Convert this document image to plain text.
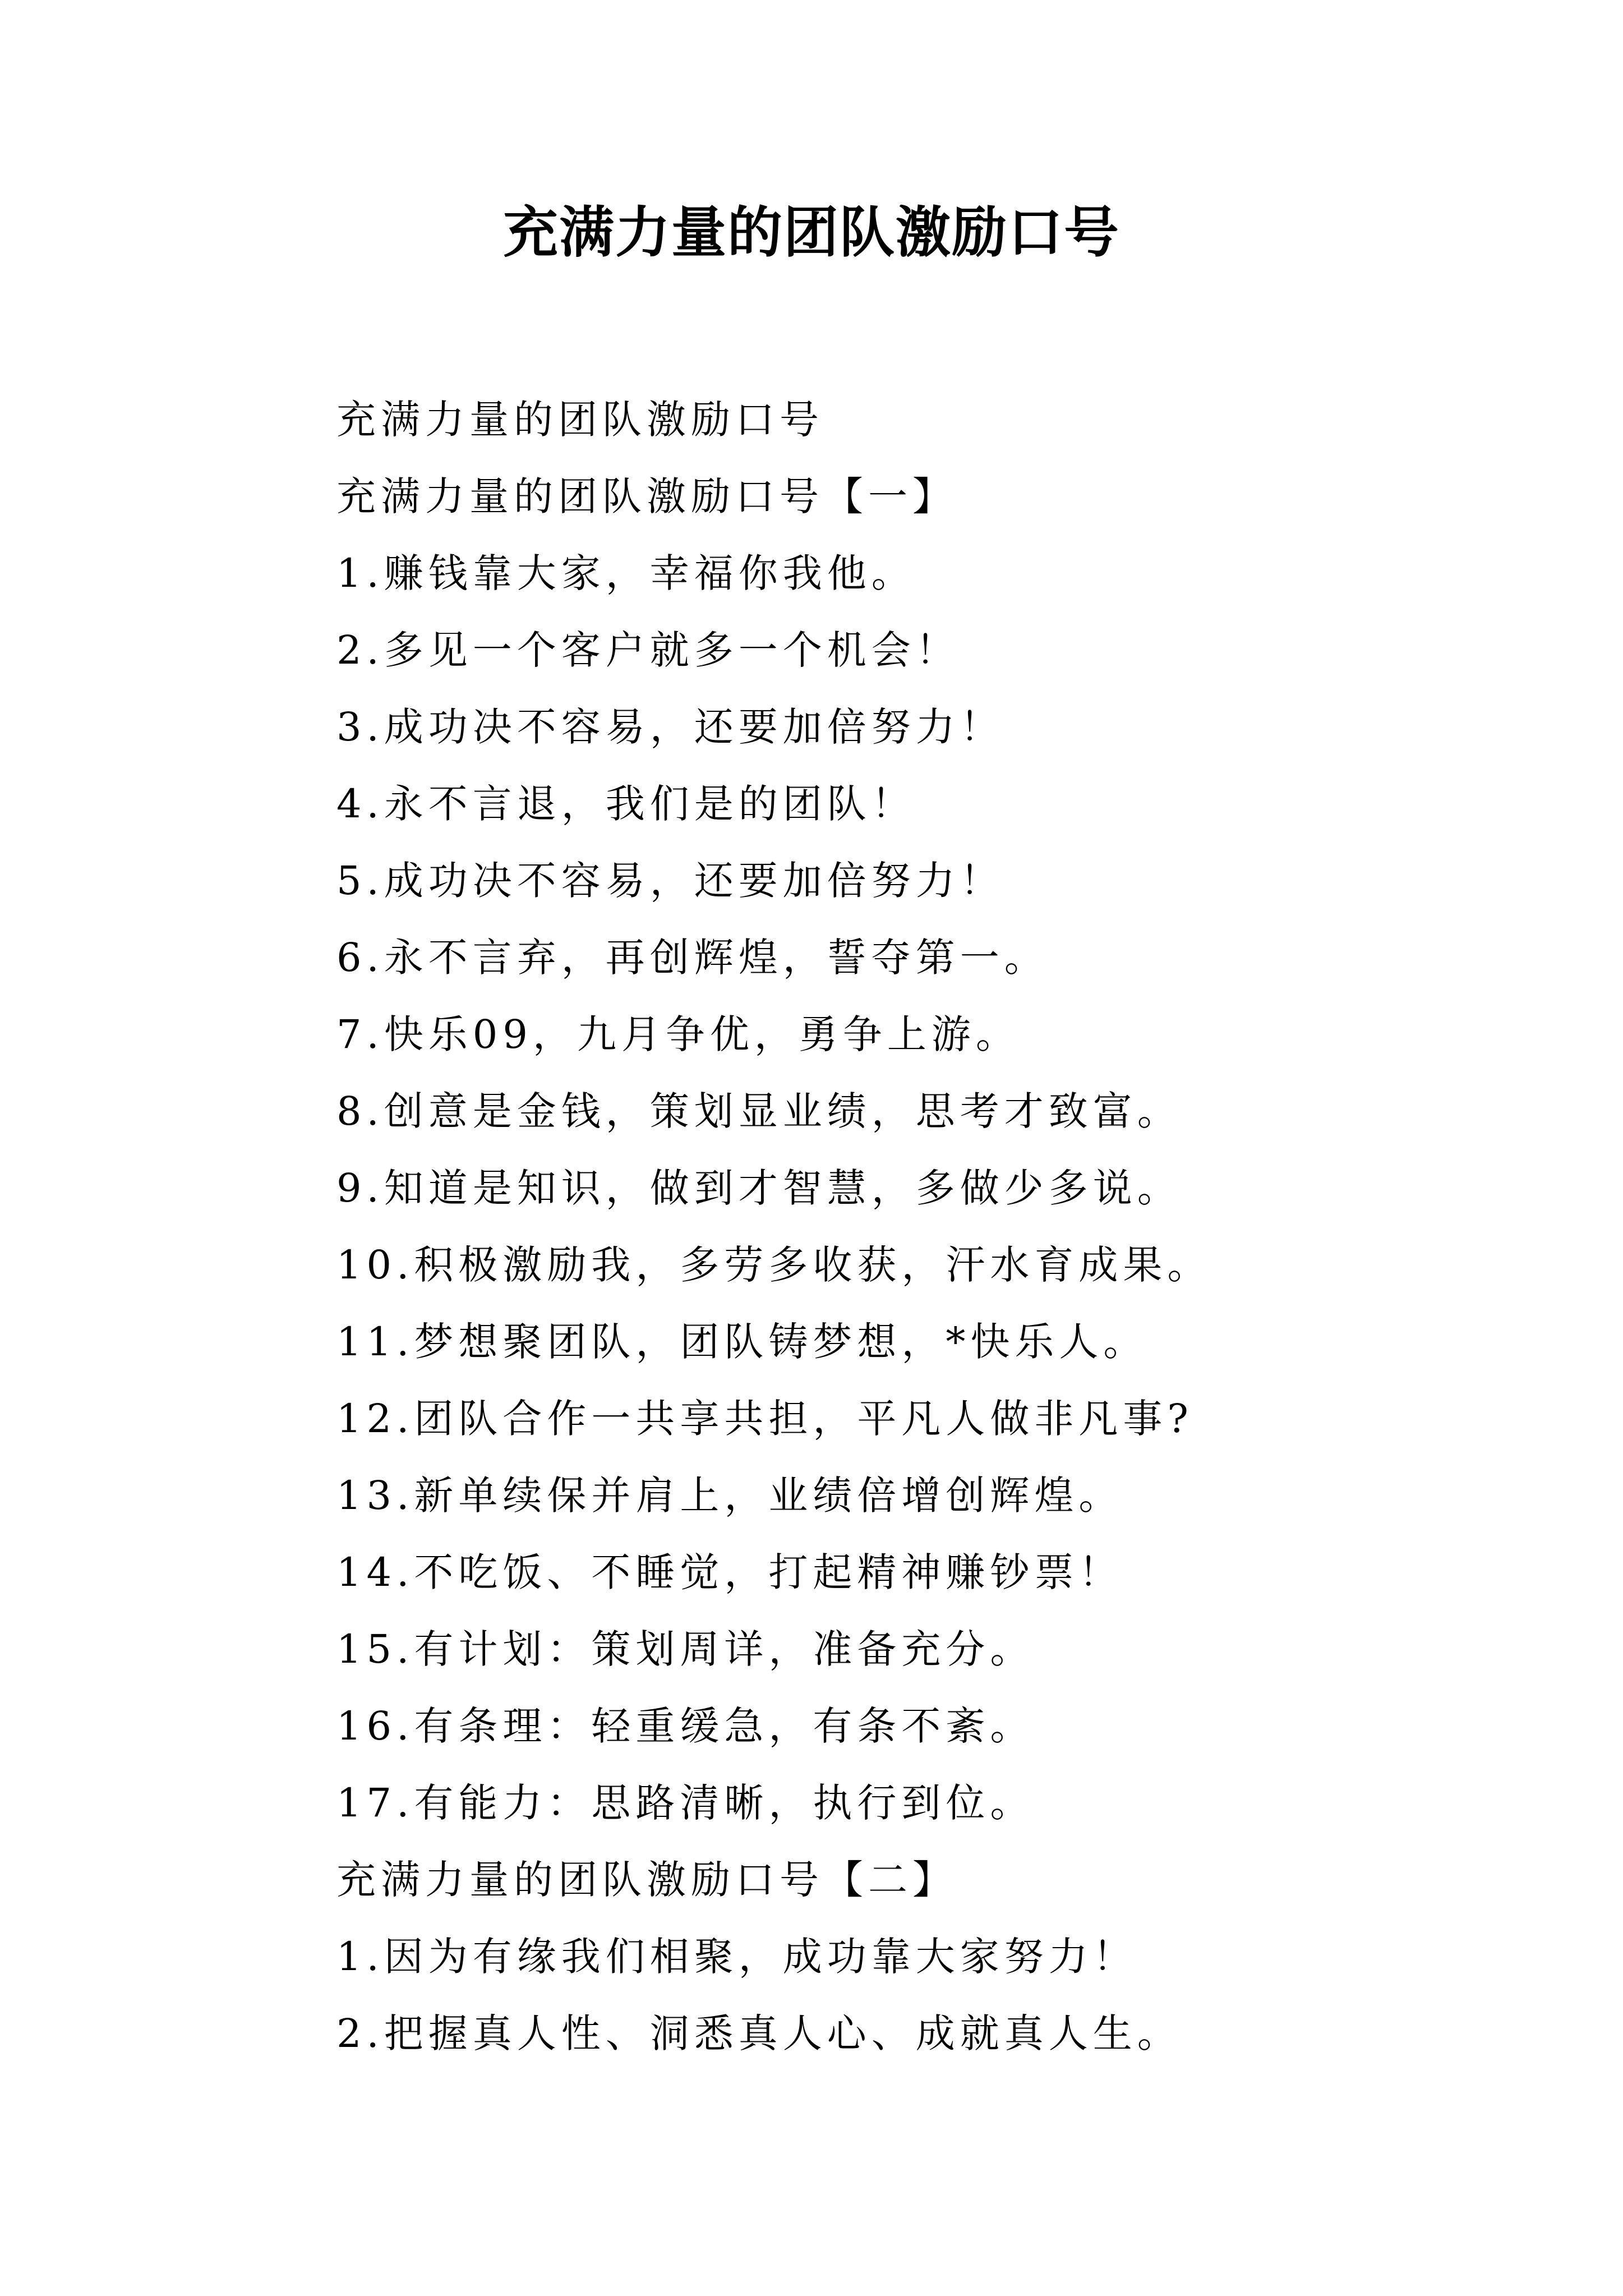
充满力量的团队激励口号
充满力量的团队激励口号
充满力量的团队激励口号【一】
1.赚钱靠大家，幸福你我他。
2.多见一个客户就多一个机会！
3.成功决不容易，还要加倍努力！
4.永不言退，我们是的团队！
5.成功决不容易，还要加倍努力！
6.永不言弃，再创辉煌，誓夺第一。
7.快乐09，九月争优，勇争上游。
8.创意是金钱，策划显业绩，思考才致富。
9.知道是知识，做到才智慧，多做少多说。
10.积极激励我，多劳多收获，汗水育成果。
11.梦想聚团队，团队铸梦想，*快乐人。
12.团队合作一共享共担，平凡人做非凡事?
13.新单续保并肩上，业绩倍增创辉煌。
14.不吃饭、不睡觉，打起精神赚钞票！
15.有计划：策划周详，准备充分。
16.有条理：轻重缓急，有条不紊。
17.有能力：思路清晰，执行到位。
充满力量的团队激励口号【二】
1.因为有缘我们相聚，成功靠大家努力！
2.把握真人性、洞悉真人心、成就真人生。
